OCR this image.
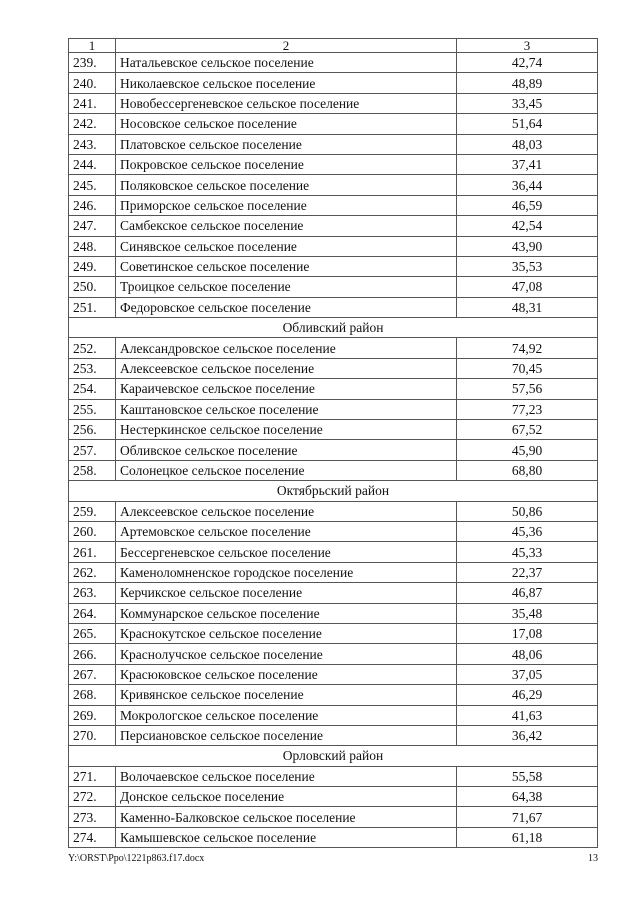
1	2	3
239.	Натальевское сельское поселение	42,74
240.	Николаевское сельское поселение	48,89
241.	Новобессергеневское сельское поселение	33,45
242.	Носовское сельское поселение	51,64
243.	Платовское сельское поселение	48,03
244.	Покровское сельское поселение	37,41
245.	Поляковское сельское поселение	36,44
246.	Приморское сельское поселение	46,59
247.	Самбекское сельское поселение	42,54
248.	Синявское сельское поселение	43,90
249.	Советинское сельское поселение	35,53
250.	Троицкое сельское поселение	47,08
251.	Федоровское сельское поселение	48,31
Обливский район		
252.	Александровское сельское поселение	74,92
253.	Алексеевское сельское поселение	70,45
254.	Караичевское сельское поселение	57,56
255.	Каштановское сельское поселение	77,23
256.	Нестеркинское сельское поселение	67,52
257.	Обливское сельское поселение	45,90
258.	Солонецкое сельское поселение	68,80
Октябрьский район		
259.	Алексеевское сельское поселение	50,86
260.	Артемовское сельское поселение	45,36
261.	Бессергеневское сельское поселение	45,33
262.	Каменоломненское городское поселение	22,37
263.	Керчикское сельское поселение	46,87
264.	Коммунарское сельское поселение	35,48
265.	Краснокутское сельское поселение	17,08
266.	Краснолучское сельское поселение	48,06
267.	Красюковское сельское поселение	37,05
268.	Кривянское сельское поселение	46,29
269.	Мокрологское сельское поселение	41,63
270.	Персиановское сельское поселение	36,42
Орловский район		
271.	Волочаевское сельское поселение	55,58
272.	Донское сельское поселение	64,38
273.	Каменно-Балковское сельское поселение	71,67
274.	Камышевское сельское поселение	61,18
Y:\ORST\Ppo\1221p863.f17.docx	13
